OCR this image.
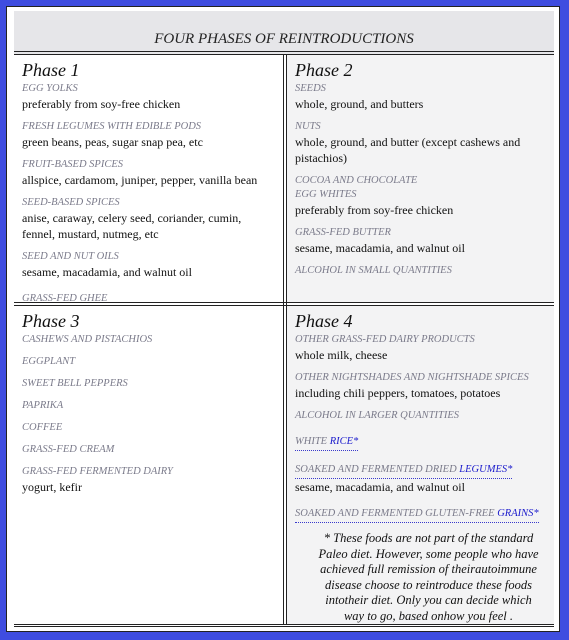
FOUR PHASES OF REINTRODUCTIONS
Phase 1
EGG YOLKS
preferably from soy-free chicken
FRESH LEGUMES WITH EDIBLE PODS
green beans, peas, sugar snap pea, etc
FRUIT-BASED SPICES
allspice, cardamom, juniper, pepper, vanilla bean
SEED-BASED SPICES
anise, caraway, celery seed, coriander, cumin, fennel, mustard, nutmeg, etc
SEED AND NUT OILS
sesame, macadamia, and walnut oil
GRASS-FED GHEE
Phase 2
SEEDS
whole, ground, and butters
NUTS
whole, ground, and butter (except cashews and pistachios)
COCOA AND CHOCOLATE
EGG WHITES
preferably from soy-free chicken
GRASS-FED BUTTER
sesame, macadamia, and walnut oil
ALCOHOL IN SMALL QUANTITIES
Phase 3
CASHEWS AND PISTACHIOS
EGGPLANT
SWEET BELL PEPPERS
PAPRIKA
COFFEE
GRASS-FED CREAM
GRASS-FED FERMENTED DAIRY
yogurt, kefir
Phase 4
OTHER GRASS-FED DAIRY PRODUCTS
whole milk, cheese
OTHER NIGHTSHADES AND NIGHTSHADE SPICES
including chili peppers, tomatoes, potatoes
ALCOHOL IN LARGER QUANTITIES
WHITE RICE*
SOAKED AND FERMENTED DRIED LEGUMES*
sesame, macadamia, and walnut oil
SOAKED AND FERMENTED GLUTEN-FREE GRAINS*
* These foods are not part of the standard Paleo diet. However, some people who have achieved full remission of theirautoimmune disease choose to reintroduce these foods intotheir diet. Only you can decide which way to go, based onhow you feel .
